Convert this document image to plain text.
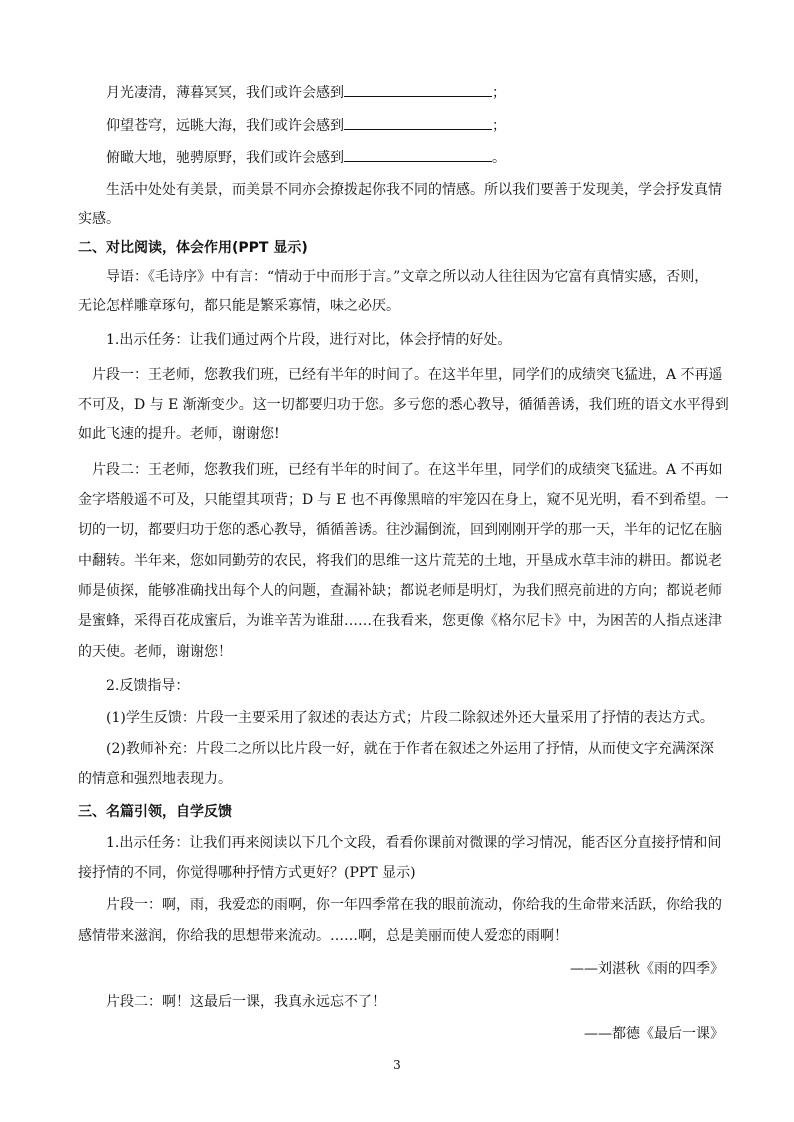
月光凄清，薄暮冥冥，我们或许会感到	；
仰望苍穹，远眺大海，我们或许会感到	；
俯瞰大地，驰骋原野，我们或许会感到	。
生活中处处有美景，而美景不同亦会撩拨起你我不同的情感。所以我们要善于发现美，学会抒发真情
实感。
二、对比阅读，体会作用(PPT 显示)
导语：《毛诗序》中有言：“情动于中而形于言。”文章之所以动人往往因为它富有真情实感，否则，
无论怎样雕章琢句，都只能是繁采寡情，味之必厌。
1.出示任务：让我们通过两个片段，进行对比，体会抒情的好处。
片段一：王老师，您教我们班，已经有半年的时间了。在这半年里，同学们的成绩突飞猛进，A 不再遥
不可及，D 与 E 渐渐变少。这一切都要归功于您。多亏您的悉心教导，循循善诱，我们班的语文水平得到
如此飞速的提升。老师，谢谢您!
片段二：王老师，您教我们班，已经有半年的时间了。在这半年里，同学们的成绩突飞猛进。A 不再如
金字塔般遥不可及，只能望其项背；D 与 E 也不再像黑暗的牢笼囚在身上，窥不见光明，看不到希望。一
切的一切，都要归功于您的悉心教导，循循善诱。往沙漏倒流，回到刚刚开学的那一天，半年的记忆在脑
中翻转。半年来，您如同勤劳的农民，将我们的思维一这片荒芜的土地，开垦成水草丰沛的耕田。都说老
师是侦探，能够准确找出每个人的问题，查漏补缺；都说老师是明灯，为我们照亮前进的方向；都说老师
是蜜蜂，采得百花成蜜后，为谁辛苦为谁甜……在我看来，您更像《格尔尼卡》中，为困苦的人指点迷津
的天使。老师，谢谢您！
2.反馈指导：
(1)学生反馈：片段一主要采用了叙述的表达方式；片段二除叙述外还大量采用了抒情的表达方式。
(2)教师补充：片段二之所以比片段一好，就在于作者在叙述之外运用了抒情，从而使文字充满深深
的情意和强烈地表现力。
三、名篇引领，自学反馈
1.出示任务：让我们再来阅读以下几个文段，看看你课前对微课的学习情况，能否区分直接抒情和间
接抒情的不同，你觉得哪种抒情方式更好？(PPT 显示)
片段一：啊，雨，我爱恋的雨啊，你一年四季常在我的眼前流动，你给我的生命带来活跃，你给我的
感情带来滋润，你给我的思想带来流动。……啊，总是美丽而使人爱恋的雨啊！
——刘湛秋《雨的四季》
片段二：啊！这最后一课，我真永远忘不了！
——都德《最后一课》
3
